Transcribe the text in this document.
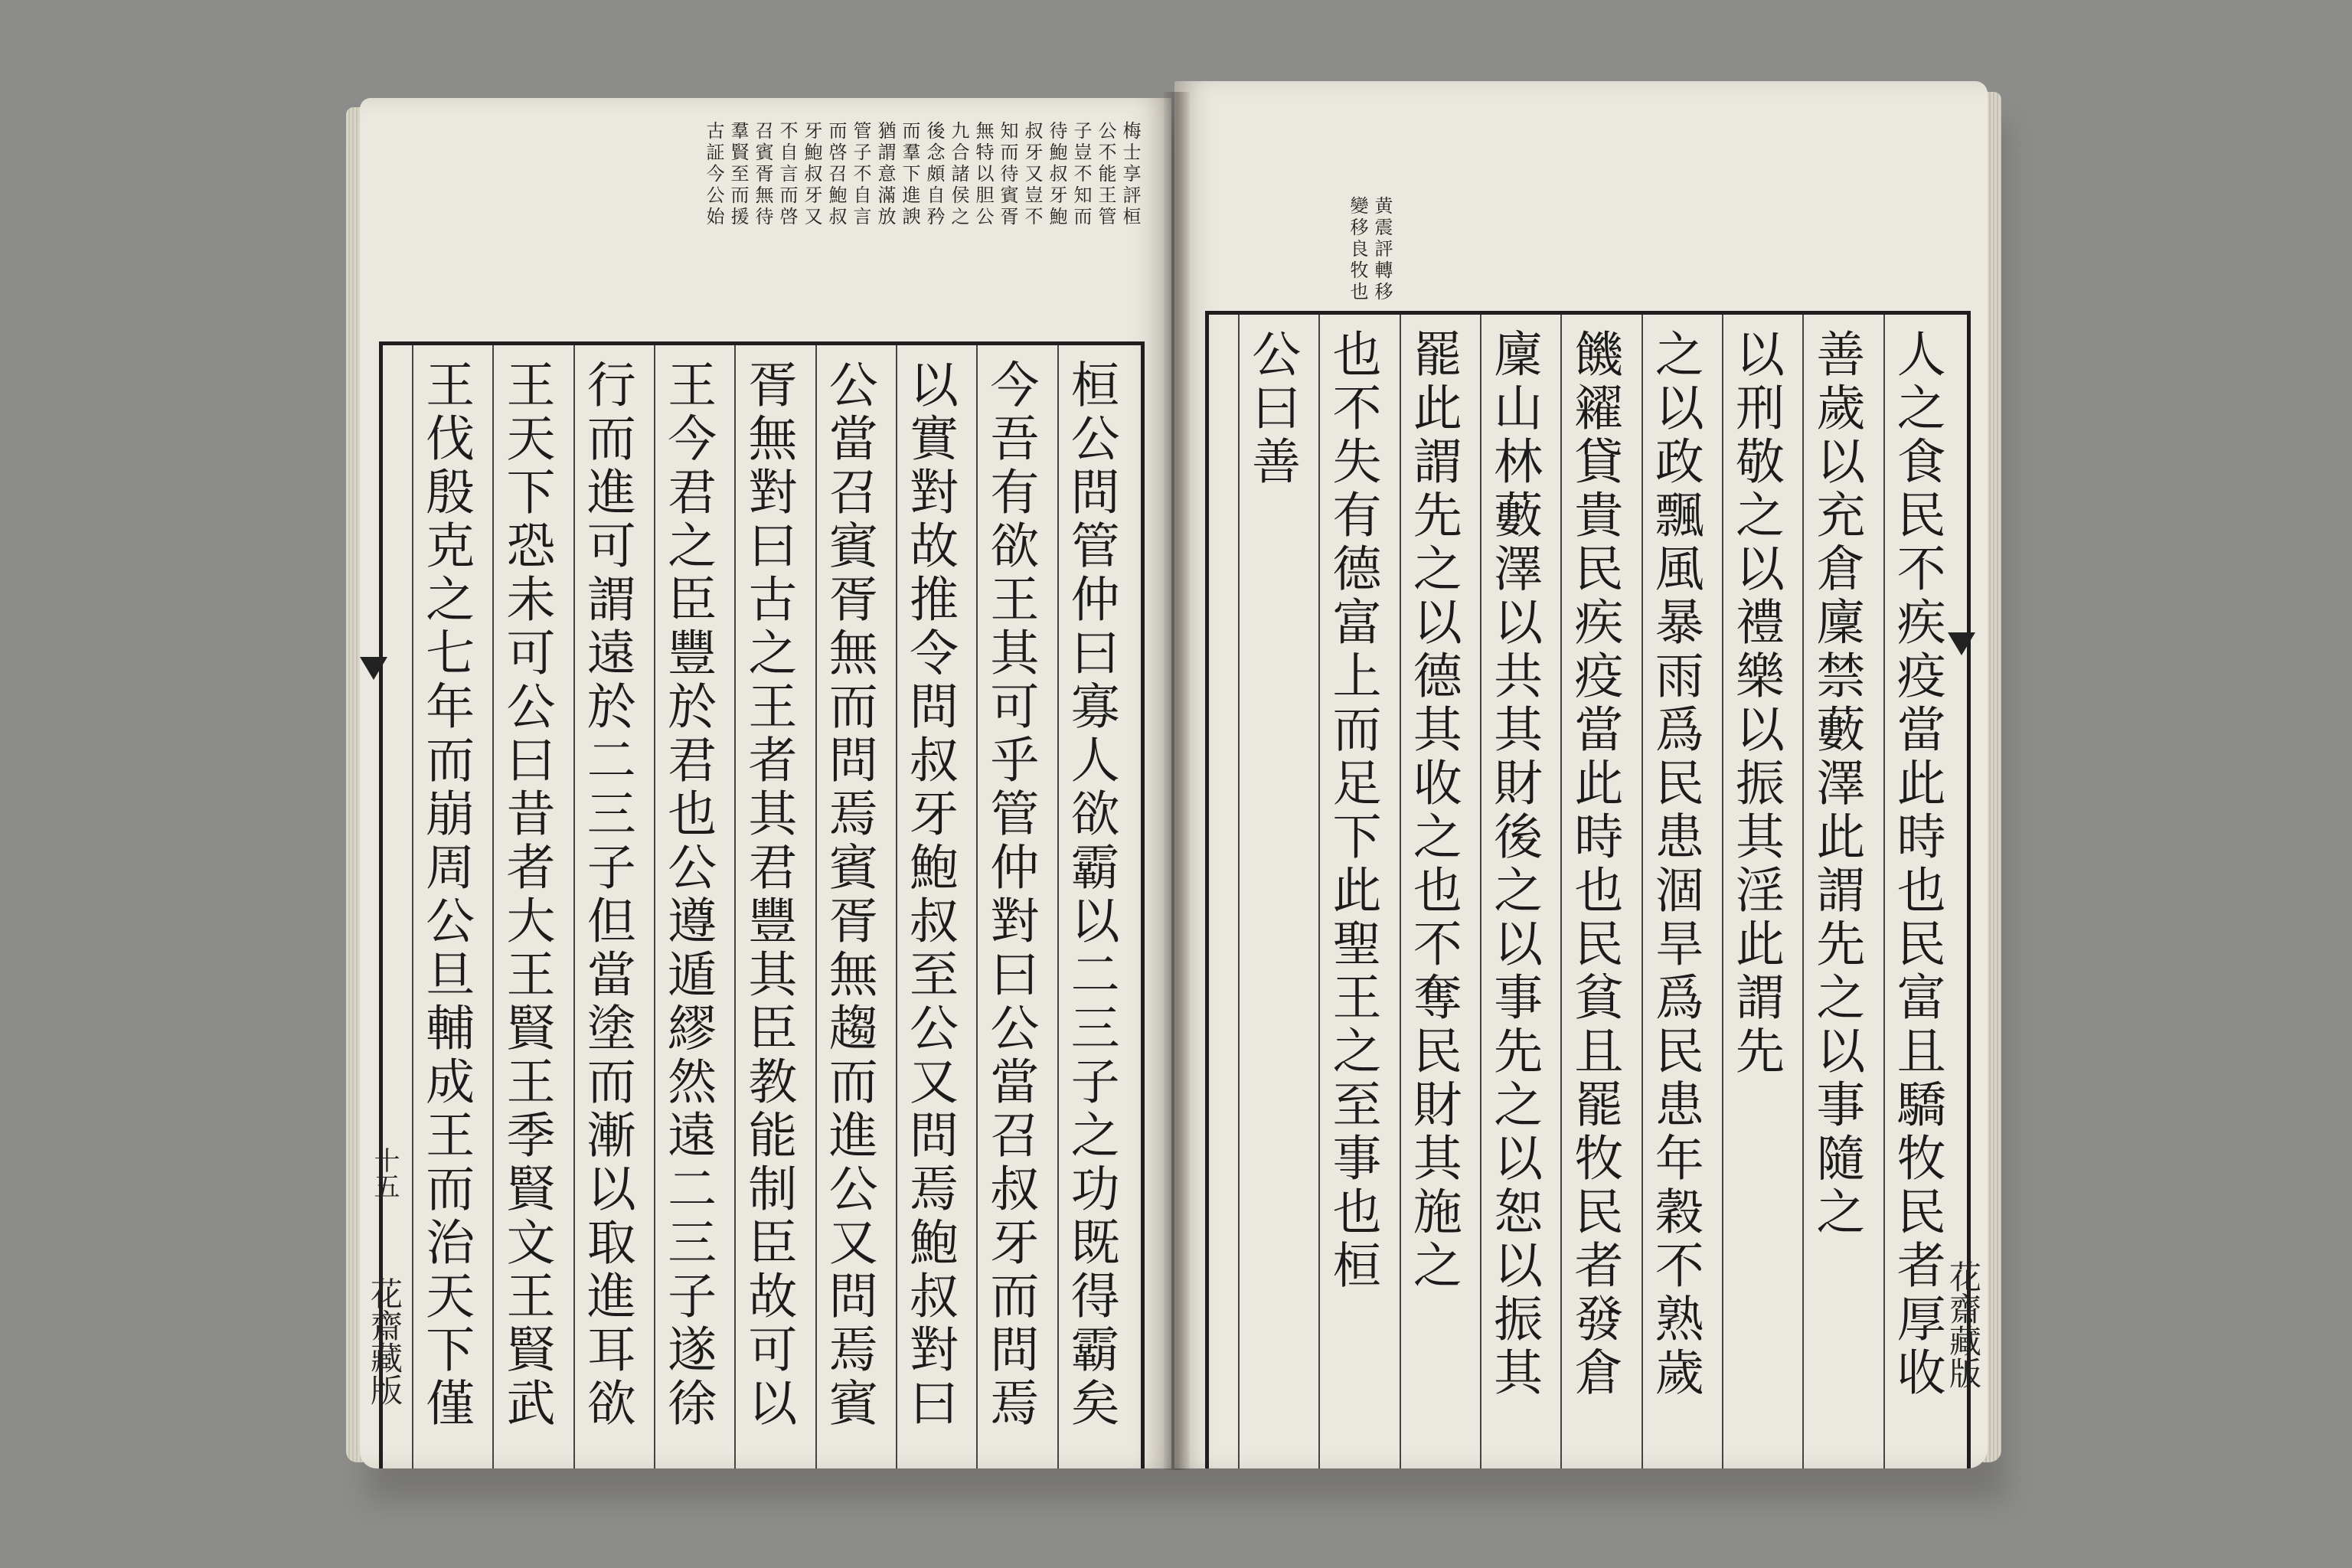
梅士享評桓
公不能王管
子豈不知而
待鮑叔牙鮑
叔牙又豈不
知而待賓胥
無特以胆公
九合諸侯之
後念頗自矜
而羣下進諛
猶謂意滿放
管子不自言
而啓召鮑叔
牙鮑叔牙又
不自言而啓
召賓胥無待
羣賢至而援
古証今公始
桓公問管仲曰寡人欲霸以二三子之功既得霸矣
今吾有欲王其可乎管仲對曰公當召叔牙而問焉
以實對故推令問叔牙鮑叔至公又問焉鮑叔對曰
公當召賓胥無而問焉賓胥無趨而進公又問焉賓
胥無對曰古之王者其君豐其臣教能制臣故可以
王今君之臣豐於君也公遵遁繆然遠二三子遂徐
行而進可謂遠於二三子但當塗而漸以取進耳欲
王天下恐未可公曰昔者大王賢王季賢文王賢武
王伐殷克之七年而崩周公旦輔成王而治天下僅
十五
花齋藏版
黄震評轉移
變移良牧也
人之食民不疾疫當此時也民富且驕牧民者厚收
善歲以充倉廩禁藪澤此謂先之以事隨之
以刑敬之以禮樂以振其淫此謂先
之以政飄風暴雨爲民患涸旱爲民患年穀不熟歲
饑糴貸貴民疾疫當此時也民貧且罷牧民者發倉
廩山林藪澤以共其財後之以事先之以恕以振其
罷此謂先之以德其收之也不奪民財其施之
也不失有德富上而足下此聖王之至事也桓
公曰善
花齋藏版
